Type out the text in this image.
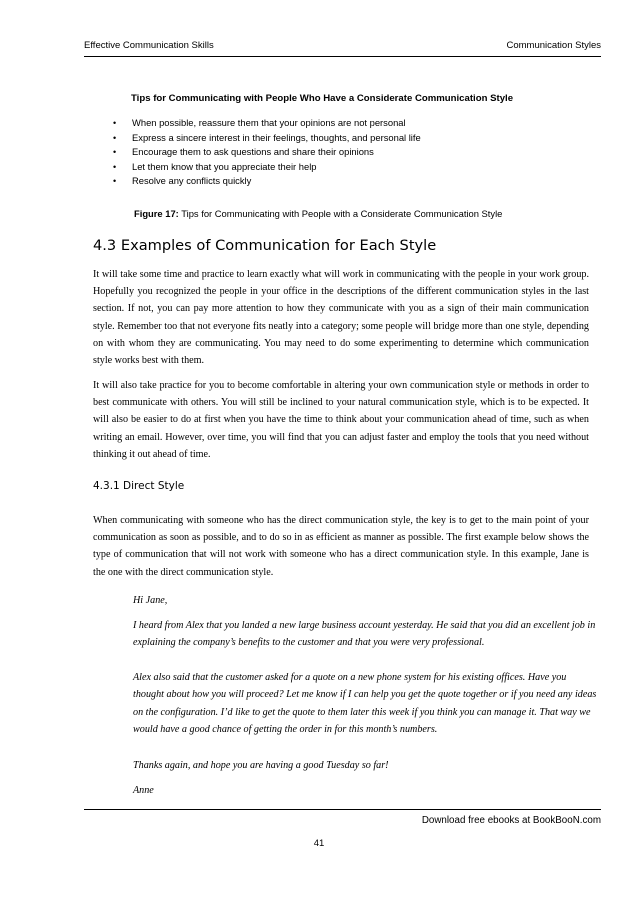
Effective Communication Skills	Communication Styles
Tips for Communicating with People Who Have a Considerate Communication Style
• When possible, reassure them that your opinions are not personal
• Express a sincere interest in their feelings, thoughts, and personal life
• Encourage them to ask questions and share their opinions
• Let them know that you appreciate their help
• Resolve any conflicts quickly
Figure 17: Tips for Communicating with People with a Considerate Communication Style
4.3 Examples of Communication for Each Style

It will take some time and practice to learn exactly what will work in communicating with the people in your work group. Hopefully you recognized the people in your office in the descriptions of the different communication styles in the last section. If not, you can pay more attention to how they communicate with you as a sign of their main communication style. Remember too that not everyone fits neatly into a category; some people will bridge more than one style, depending on with whom they are communicating. You may need to do some experimenting to determine which communication style works best with them.

It will also take practice for you to become comfortable in altering your own communication style or methods in order to best communicate with others. You will still be inclined to your natural communication style, which is to be expected. It will also be easier to do at first when you have the time to think about your communication ahead of time, such as when writing an email. However, over time, you will find that you can adjust faster and employ the tools that you need without thinking it out ahead of time.

4.3.1 Direct Style

When communicating with someone who has the direct communication style, the key is to get to the main point of your communication as soon as possible, and to do so in as efficient as manner as possible. The first example below shows the type of communication that will not work with someone who has a direct communication style. In this example, Jane is the one with the direct communication style.

Hi Jane,

I heard from Alex that you landed a new large business account yesterday. He said that you did an excellent job in explaining the company’s benefits to the customer and that you were very professional.

Alex also said that the customer asked for a quote on a new phone system for his existing offices. Have you thought about how you will proceed? Let me know if I can help you get the quote together or if you need any ideas on the configuration. I’d like to get the quote to them later this week if you think you can manage it. That way we would have a good chance of getting the order in for this month’s numbers.

Thanks again, and hope you are having a good Tuesday so far!

Anne

Download free ebooks at BookBooN.com
41
